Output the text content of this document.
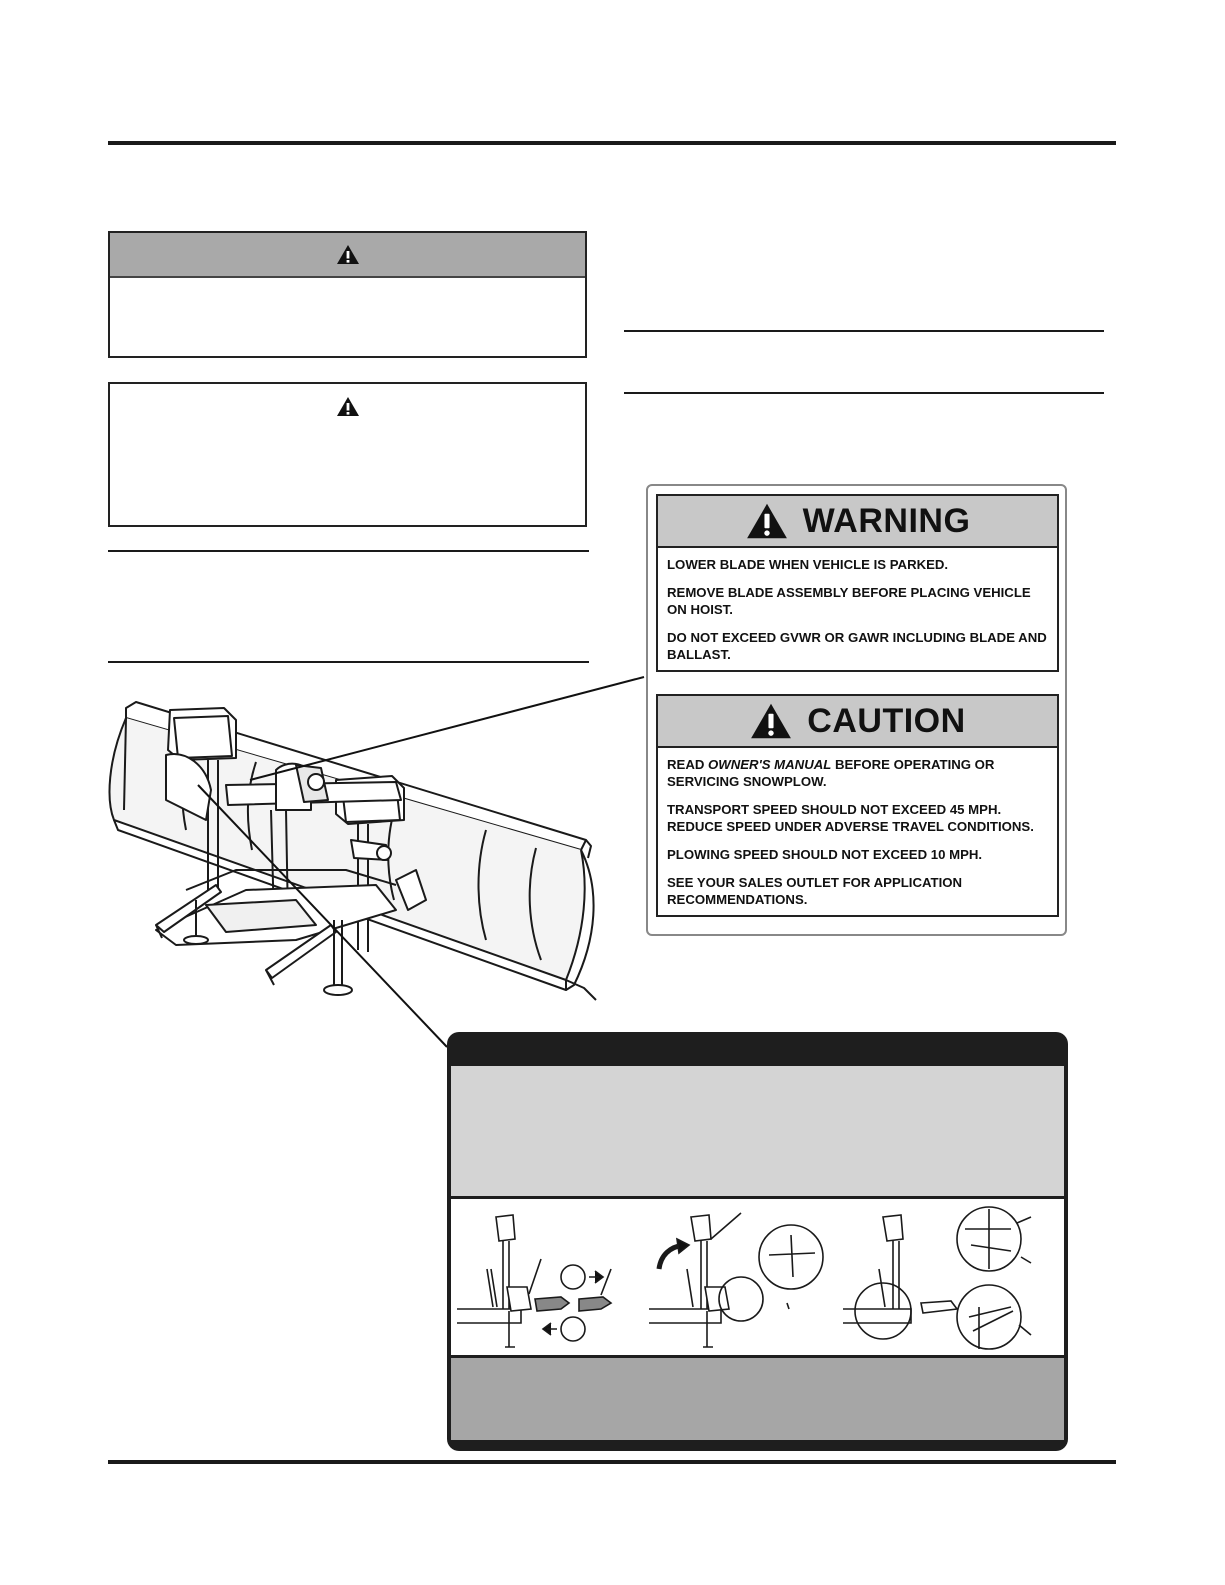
WARNING

LOWER BLADE WHEN VEHICLE IS PARKED.

REMOVE BLADE ASSEMBLY BEFORE PLACING VEHICLE ON HOIST.

DO NOT EXCEED GVWR OR GAWR INCLUDING BLADE AND BALLAST.

CAUTION

READ OWNER'S MANUAL BEFORE OPERATING OR SERVICING SNOWPLOW.

TRANSPORT SPEED SHOULD NOT EXCEED 45 MPH. REDUCE SPEED UNDER ADVERSE TRAVEL CONDITIONS.

PLOWING SPEED SHOULD NOT EXCEED 10 MPH.

SEE YOUR SALES OUTLET FOR APPLICATION RECOMMENDATIONS.
